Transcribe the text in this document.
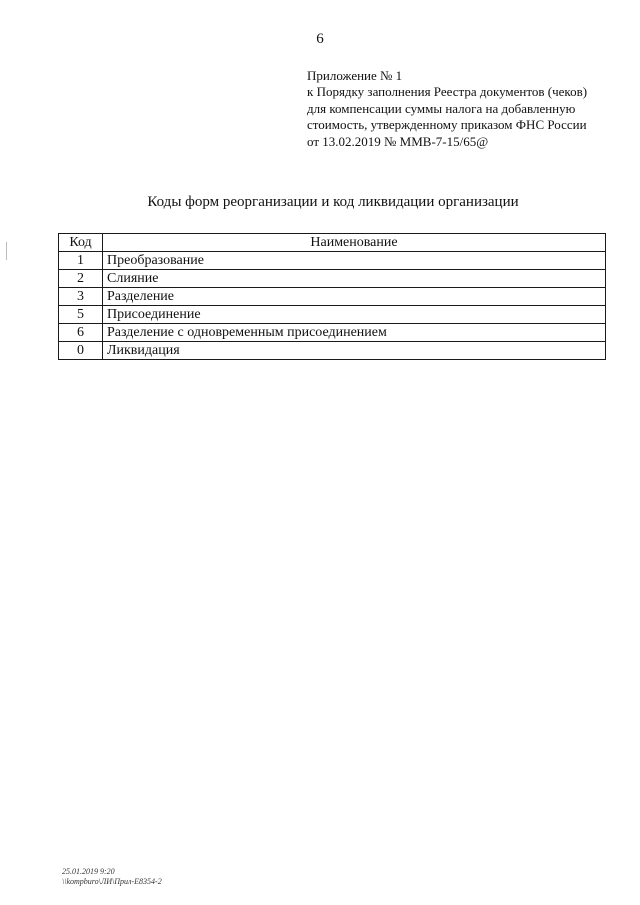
6
Приложение № 1
к Порядку заполнения Реестра документов (чеков)
для компенсации суммы налога на добавленную
стоимость, утвержденному приказом ФНС России
от 13.02.2019 № ММВ-7-15/65@
Коды форм реорганизации и код ликвидации организации
Код	Наименование
1	Преобразование
2	Слияние
3	Разделение
5	Присоединение
6	Разделение с одновременным присоединением
0	Ликвидация
25.01.2019 9:20
\\kompburo\ЛИ\Прил-Е8354-2
